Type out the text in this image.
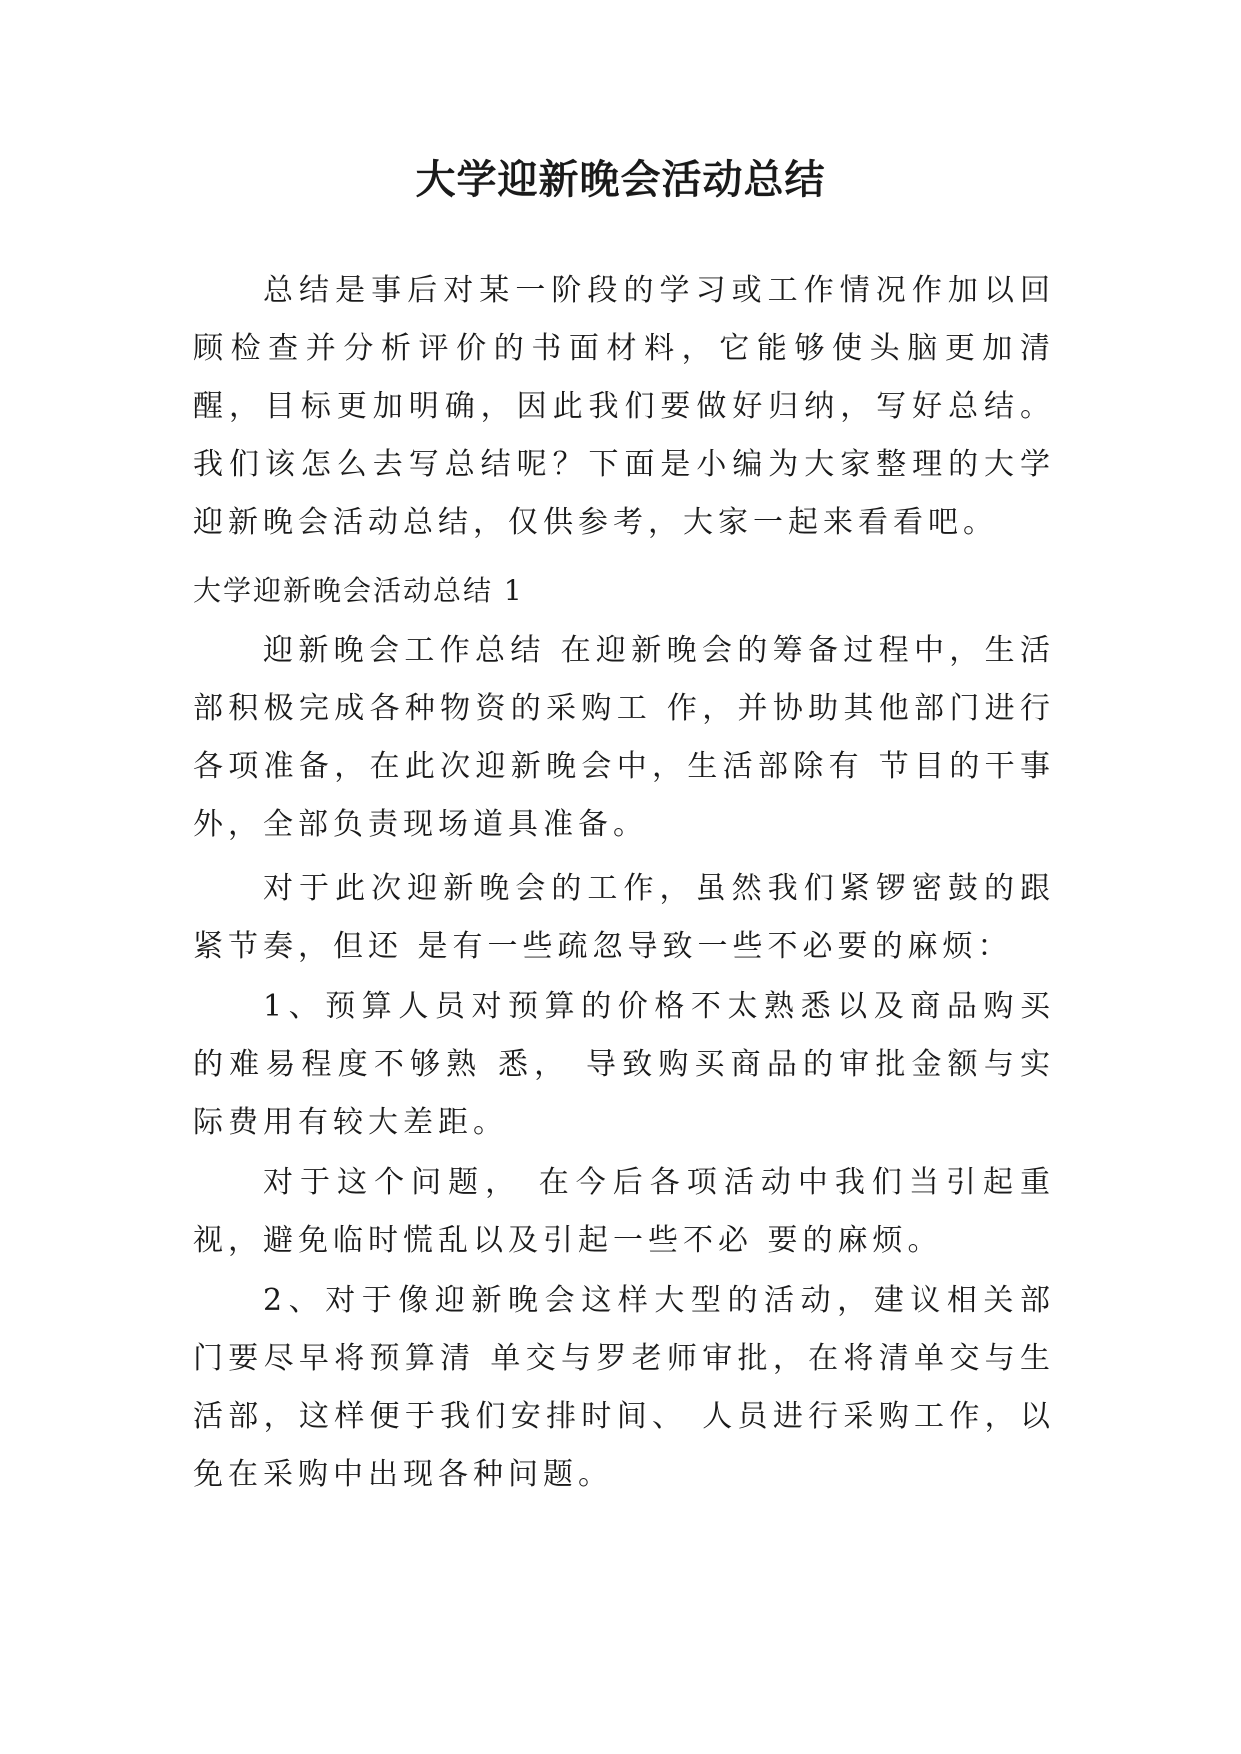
大学迎新晚会活动总结

总结是事后对某一阶段的学习或工作情况作加以回顾检查并分析评价的书面材料，它能够使头脑更加清醒，目标更加明确，因此我们要做好归纳，写好总结。我们该怎么去写总结呢？下面是小编为大家整理的大学迎新晚会活动总结，仅供参考，大家一起来看看吧。

大学迎新晚会活动总结 1

迎新晚会工作总结 在迎新晚会的筹备过程中，生活部积极完成各种物资的采购工 作，并协助其他部门进行各项准备，在此次迎新晚会中，生活部除有 节目的干事外，全部负责现场道具准备。

对于此次迎新晚会的工作，虽然我们紧锣密鼓的跟紧节奏，但还 是有一些疏忽导致一些不必要的麻烦：

1、预算人员对预算的价格不太熟悉以及商品购买的难易程度不够熟 悉， 导致购买商品的审批金额与实际费用有较大差距。

对于这个问题， 在今后各项活动中我们当引起重视，避免临时慌乱以及引起一些不必 要的麻烦。

2、对于像迎新晚会这样大型的活动，建议相关部门要尽早将预算清 单交与罗老师审批，在将清单交与生活部，这样便于我们安排时间、 人员进行采购工作，以免在采购中出现各种问题。
